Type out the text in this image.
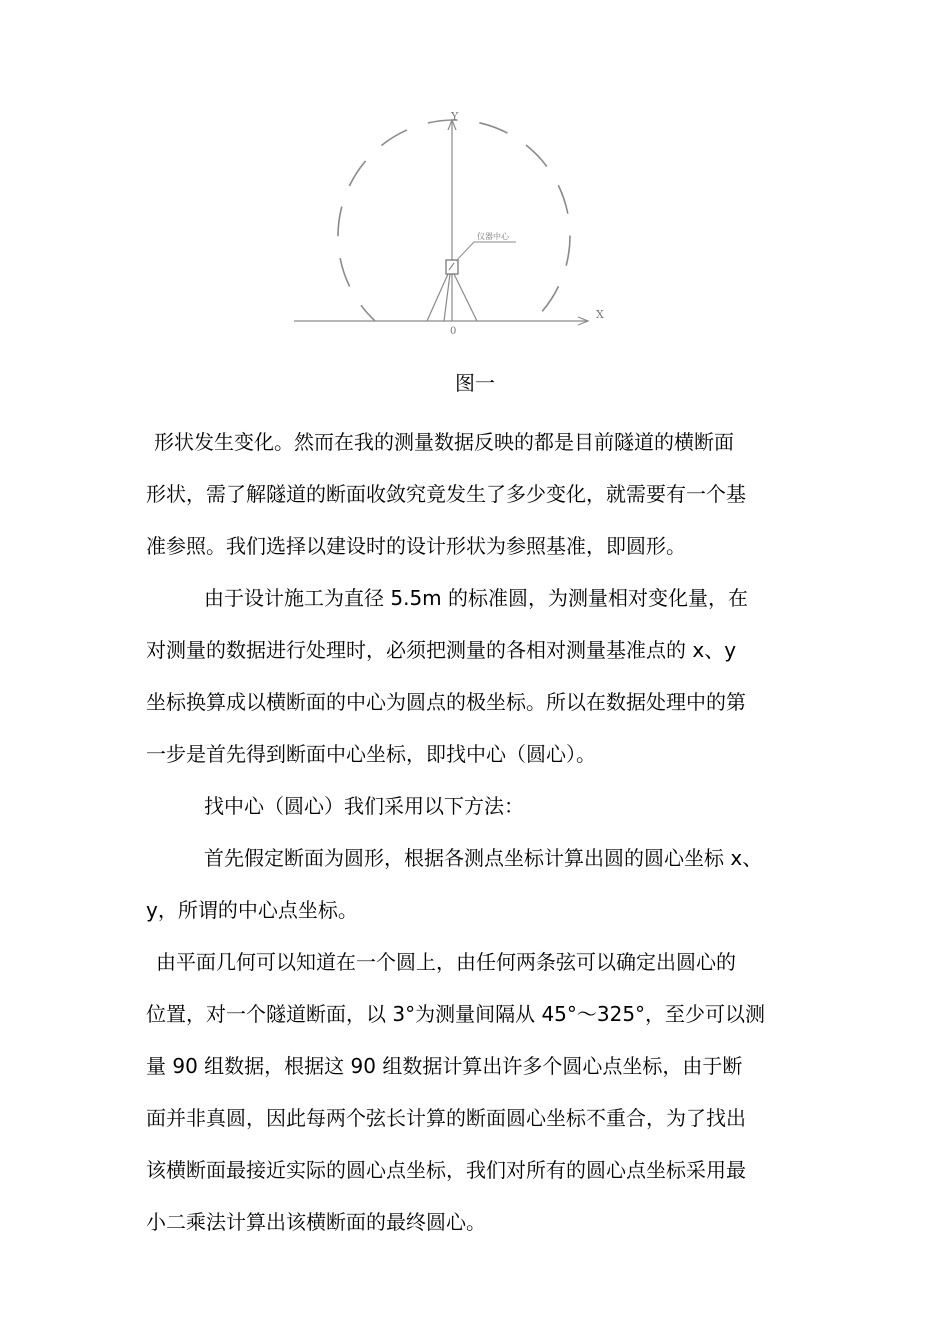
Y
X
0
仪器中心
图一
形状发生变化。然而在我的测量数据反映的都是目前隧道的横断面
形状，需了解隧道的断面收敛究竟发生了多少变化，就需要有一个基
准参照。我们选择以建设时的设计形状为参照基准，即圆形。
由于设计施工为直径 5.5m 的标准圆，为测量相对变化量，在
对测量的数据进行处理时，必须把测量的各相对测量基准点的 x、y
坐标换算成以横断面的中心为圆点的极坐标。所以在数据处理中的第
一步是首先得到断面中心坐标，即找中心（圆心）。
找中心（圆心）我们采用以下方法：
首先假定断面为圆形，根据各测点坐标计算出圆的圆心坐标 x、
y，所谓的中心点坐标。
由平面几何可以知道在一个圆上，由任何两条弦可以确定出圆心的
位置，对一个隧道断面，以 3°为测量间隔从 45°～325°，至少可以测
量 90 组数据，根据这 90 组数据计算出许多个圆心点坐标，由于断
面并非真圆，因此每两个弦长计算的断面圆心坐标不重合，为了找出
该横断面最接近实际的圆心点坐标，我们对所有的圆心点坐标采用最
小二乘法计算出该横断面的最终圆心。
